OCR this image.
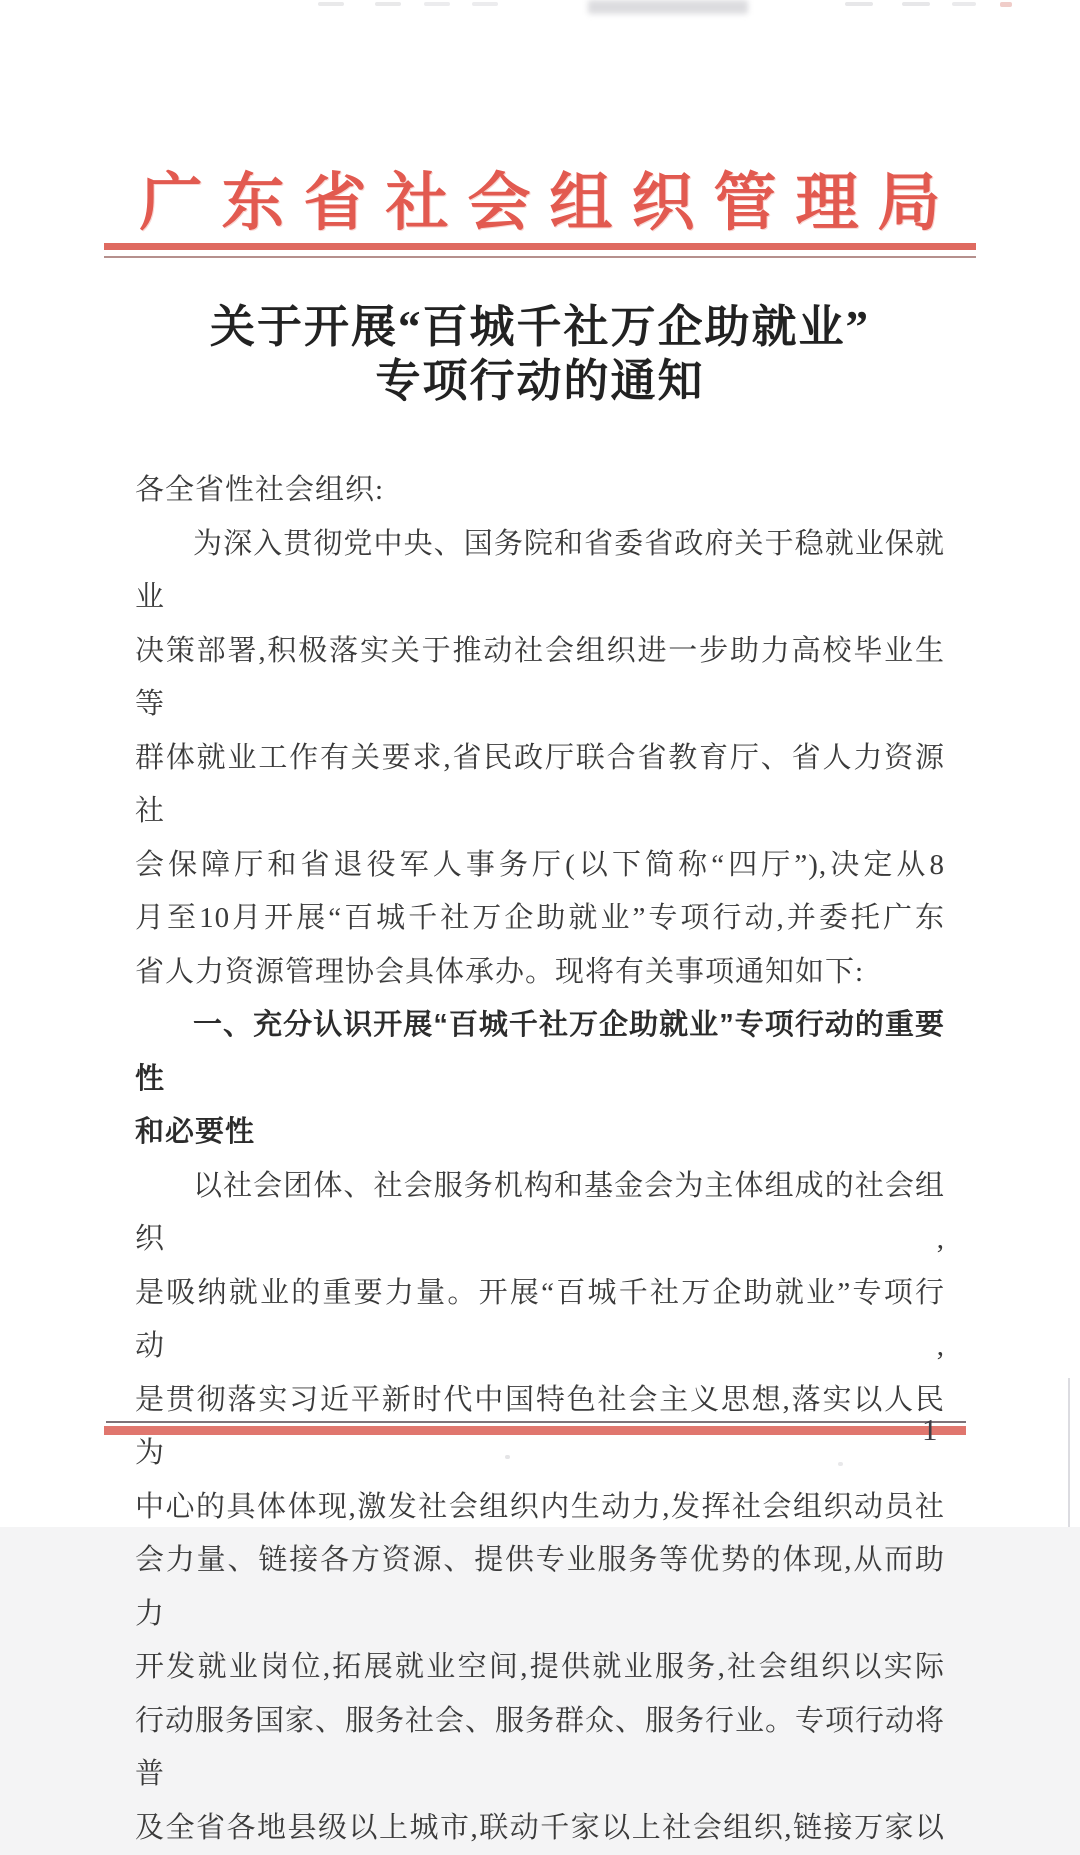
广东省社会组织管理局
关于开展“百城千社万企助就业”
专项行动的通知
各全省性社会组织:
为深入贯彻党中央、国务院和省委省政府关于稳就业保就业
决策部署,积极落实关于推动社会组织进一步助力高校毕业生等
群体就业工作有关要求,省民政厅联合省教育厅、省人力资源社
会保障厅和省退役军人事务厅(以下简称“四厅”),决定从8
月至10月开展“百城千社万企助就业”专项行动,并委托广东
省人力资源管理协会具体承办。现将有关事项通知如下:
一、充分认识开展“百城千社万企助就业”专项行动的重要性
和必要性
以社会团体、社会服务机构和基金会为主体组成的社会组织,
是吸纳就业的重要力量。开展“百城千社万企助就业”专项行动,
是贯彻落实习近平新时代中国特色社会主义思想,落实以人民为
中心的具体体现,激发社会组织内生动力,发挥社会组织动员社
会力量、链接各方资源、提供专业服务等优势的体现,从而助力
开发就业岗位,拓展就业空间,提供就业服务,社会组织以实际
行动服务国家、服务社会、服务群众、服务行业。专项行动将普
及全省各地县级以上城市,联动千家以上社会组织,链接万家以
1
